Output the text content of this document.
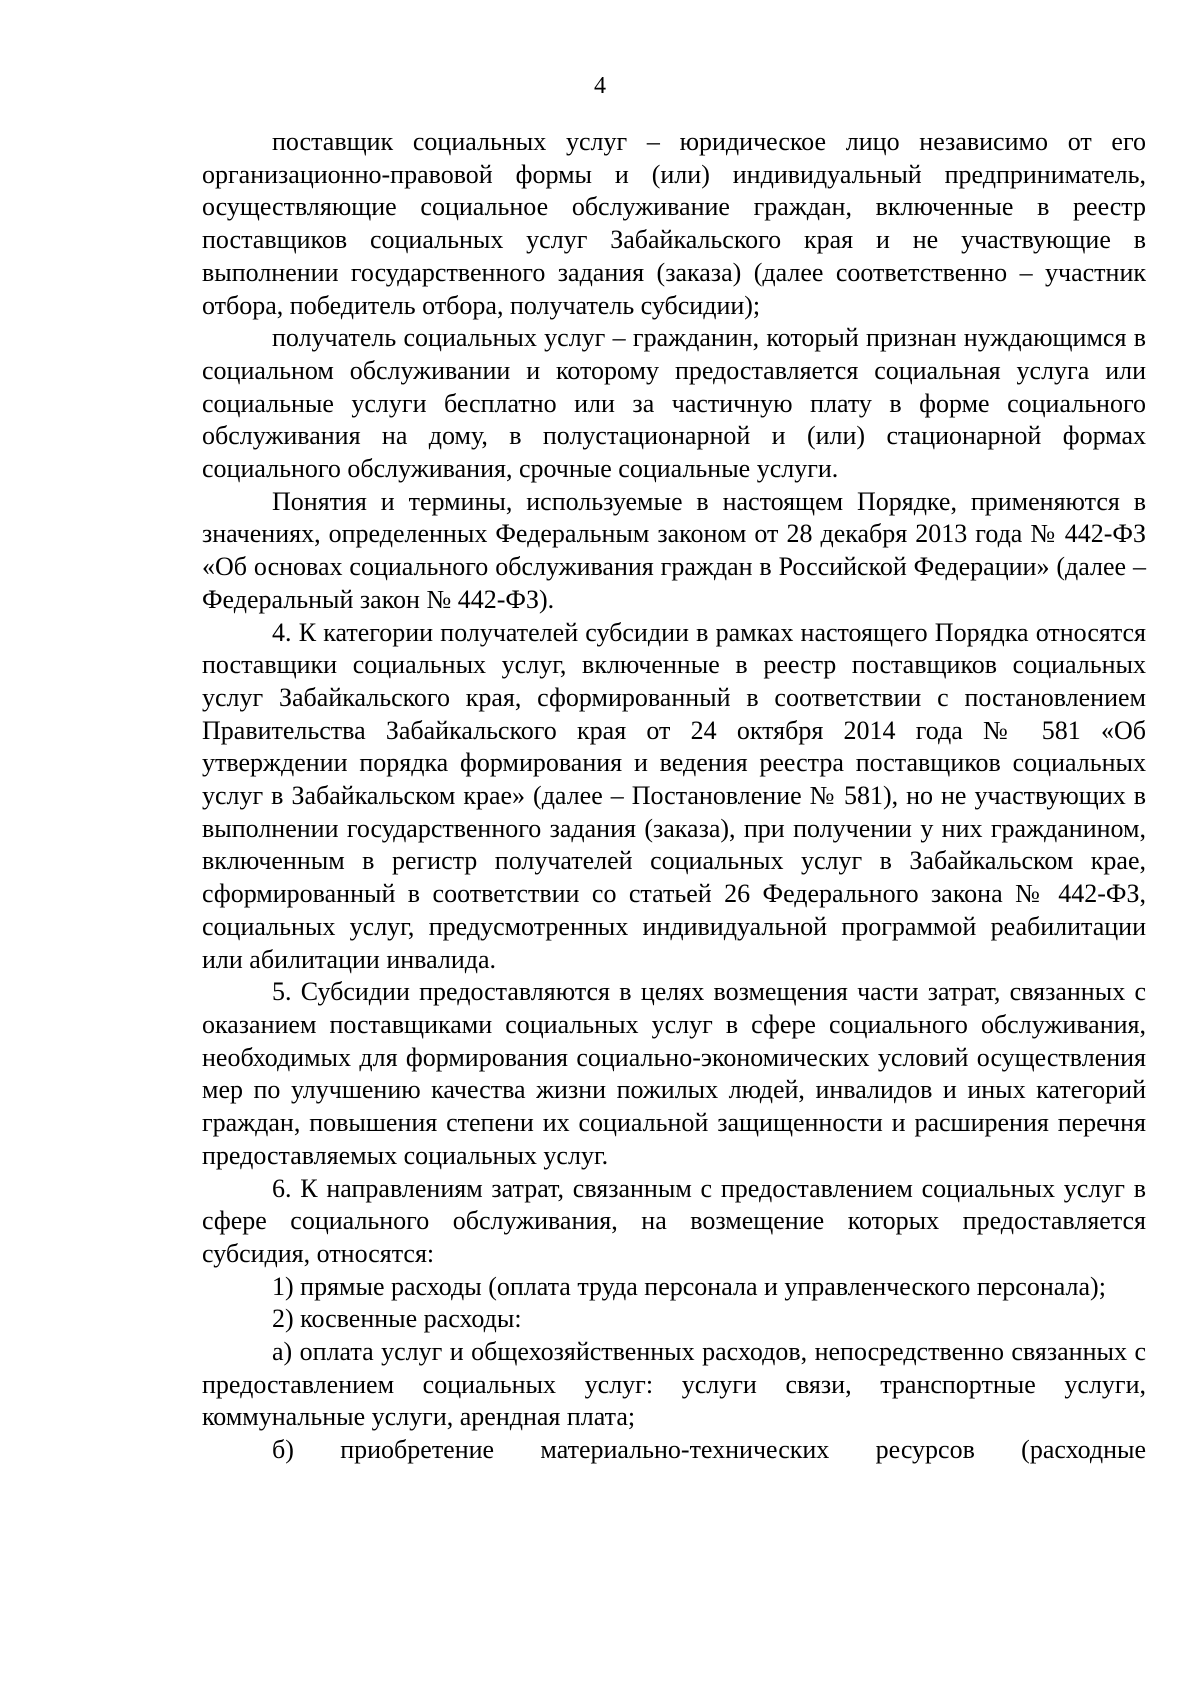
4

поставщик социальных услуг – юридическое лицо независимо от его организационно-правовой формы и (или) индивидуальный предприниматель, осуществляющие социальное обслуживание граждан, включенные в реестр поставщиков социальных услуг Забайкальского края и не участвующие в выполнении государственного задания (заказа) (далее соответственно – участник отбора, победитель отбора, получатель субсидии);

получатель социальных услуг – гражданин, который признан нуждающимся в социальном обслуживании и которому предоставляется социальная услуга или социальные услуги бесплатно или за частичную плату в форме социального обслуживания на дому, в полустационарной и (или) стационарной формах социального обслуживания, срочные социальные услуги.

Понятия и термины, используемые в настоящем Порядке, применяются в значениях, определенных Федеральным законом от 28 декабря 2013 года № 442-ФЗ «Об основах социального обслуживания граждан в Российской Федерации» (далее – Федеральный закон № 442-ФЗ).

4. К категории получателей субсидии в рамках настоящего Порядка относятся поставщики социальных услуг, включенные в реестр поставщиков социальных услуг Забайкальского края, сформированный в соответствии с постановлением Правительства Забайкальского края от 24 октября 2014 года № 581 «Об утверждении порядка формирования и ведения реестра поставщиков социальных услуг в Забайкальском крае» (далее – Постановление № 581), но не участвующих в выполнении государственного задания (заказа), при получении у них гражданином, включенным в регистр получателей социальных услуг в Забайкальском крае, сформированный в соответствии со статьей 26 Федерального закона № 442-ФЗ, социальных услуг, предусмотренных индивидуальной программой реабилитации или абилитации инвалида.

5. Субсидии предоставляются в целях возмещения части затрат, связанных с оказанием поставщиками социальных услуг в сфере социального обслуживания, необходимых для формирования социально-экономических условий осуществления мер по улучшению качества жизни пожилых людей, инвалидов и иных категорий граждан, повышения степени их социальной защищенности и расширения перечня предоставляемых социальных услуг.

6. К направлениям затрат, связанным с предоставлением социальных услуг в сфере социального обслуживания, на возмещение которых предоставляется субсидия, относятся:

1) прямые расходы (оплата труда персонала и управленческого персонала);

2) косвенные расходы:

а) оплата услуг и общехозяйственных расходов, непосредственно связанных с предоставлением социальных услуг: услуги связи, транспортные услуги, коммунальные услуги, арендная плата;

б) приобретение материально-технических ресурсов (расходные
